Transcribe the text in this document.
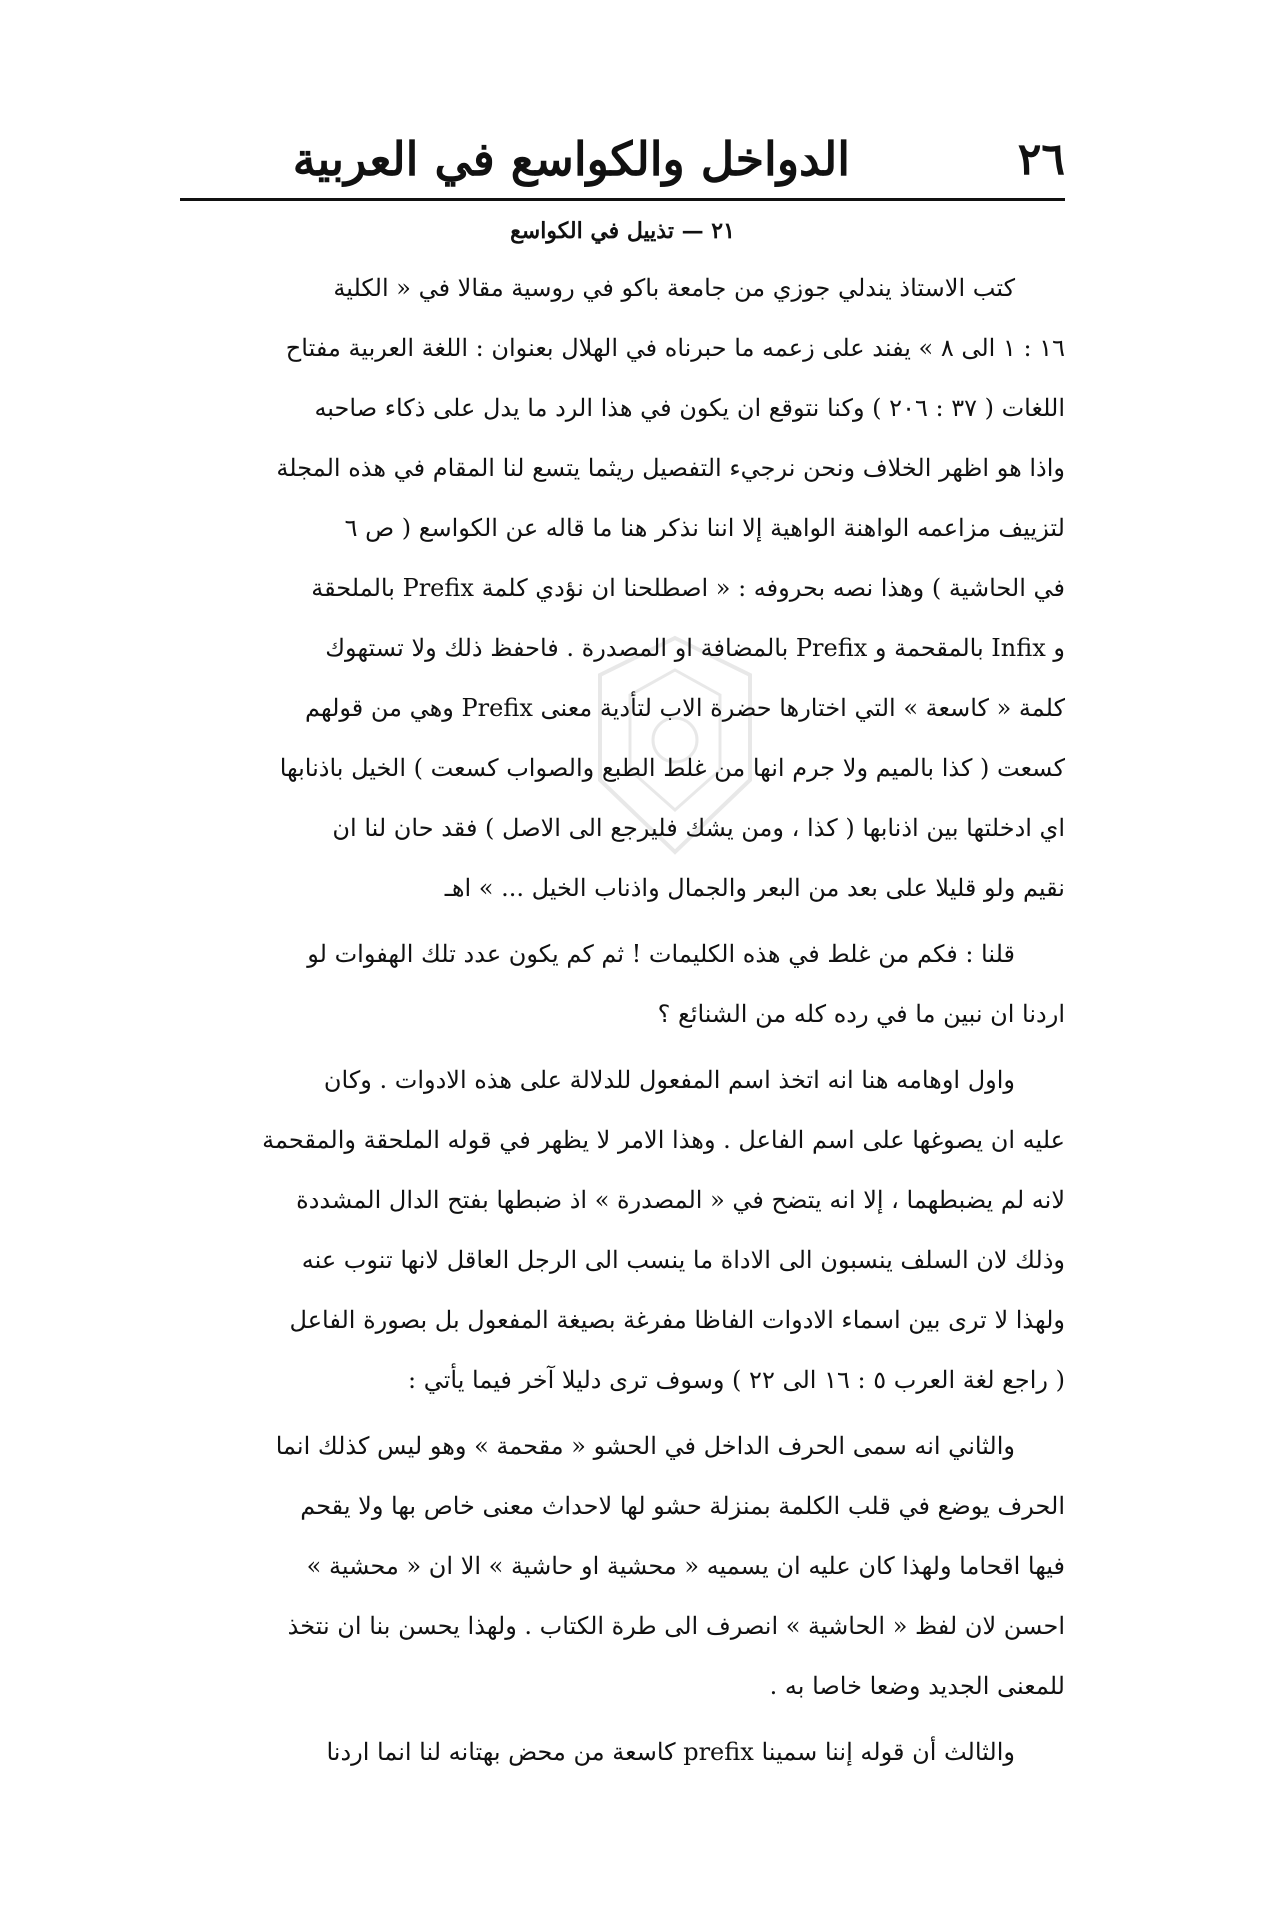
٢٦
الدواخل والكواسع في العربية
٢١ — تذييل في الكواسع
كتب الاستاذ يندلي جوزي من جامعة باكو في روسية مقالا في « الكلية
١٦ : ١ الى ٨ » يفند على زعمه ما حبرناه في الهلال بعنوان : اللغة العربية مفتاح
اللغات ( ٣٧ : ٢٠٦ ) وكنا نتوقع ان يكون في هذا الرد ما يدل على ذكاء صاحبه
واذا هو اظهر الخلاف ونحن نرجيء التفصيل ريثما يتسع لنا المقام في هذه المجلة
لتزييف مزاعمه الواهنة الواهية إلا اننا نذكر هنا ما قاله عن الكواسع ( ص ٦
في الحاشية ) وهذا نصه بحروفه : « اصطلحنا ان نؤدي كلمة Prefix بالملحقة
و Infix بالمقحمة و Prefix بالمضافة او المصدرة . فاحفظ ذلك ولا تستهوك
كلمة « كاسعة » التي اختارها حضرة الاب لتأدية معنى Prefix وهي من قولهم
كسعت ( كذا بالميم ولا جرم انها من غلط الطبع والصواب كسعت ) الخيل باذنابها
اي ادخلتها بين اذنابها ( كذا ، ومن يشك فليرجع الى الاصل ) فقد حان لنا ان
نقيم ولو قليلا على بعد من البعر والجمال واذناب الخيل ... » اهـ
قلنا : فكم من غلط في هذه الكليمات ! ثم كم يكون عدد تلك الهفوات لو
اردنا ان نبين ما في رده كله من الشنائع ؟
واول اوهامه هنا انه اتخذ اسم المفعول للدلالة على هذه الادوات . وكان
عليه ان يصوغها على اسم الفاعل . وهذا الامر لا يظهر في قوله الملحقة والمقحمة
لانه لم يضبطهما ، إلا انه يتضح في « المصدرة » اذ ضبطها بفتح الدال المشددة
وذلك لان السلف ينسبون الى الاداة ما ينسب الى الرجل العاقل لانها تنوب عنه
ولهذا لا ترى بين اسماء الادوات الفاظا مفرغة بصيغة المفعول بل بصورة الفاعل
( راجع لغة العرب ٥ : ١٦ الى ٢٢ ) وسوف ترى دليلا آخر فيما يأتي :
والثاني انه سمى الحرف الداخل في الحشو « مقحمة » وهو ليس كذلك انما
الحرف يوضع في قلب الكلمة بمنزلة حشو لها لاحداث معنى خاص بها ولا يقحم
فيها اقحاما ولهذا كان عليه ان يسميه « محشية او حاشية » الا ان « محشية »
احسن لان لفظ « الحاشية » انصرف الى طرة الكتاب . ولهذا يحسن بنا ان نتخذ
للمعنى الجديد وضعا خاصا به .
والثالث أن قوله إننا سمينا prefix كاسعة من محض بهتانه لنا انما اردنا
